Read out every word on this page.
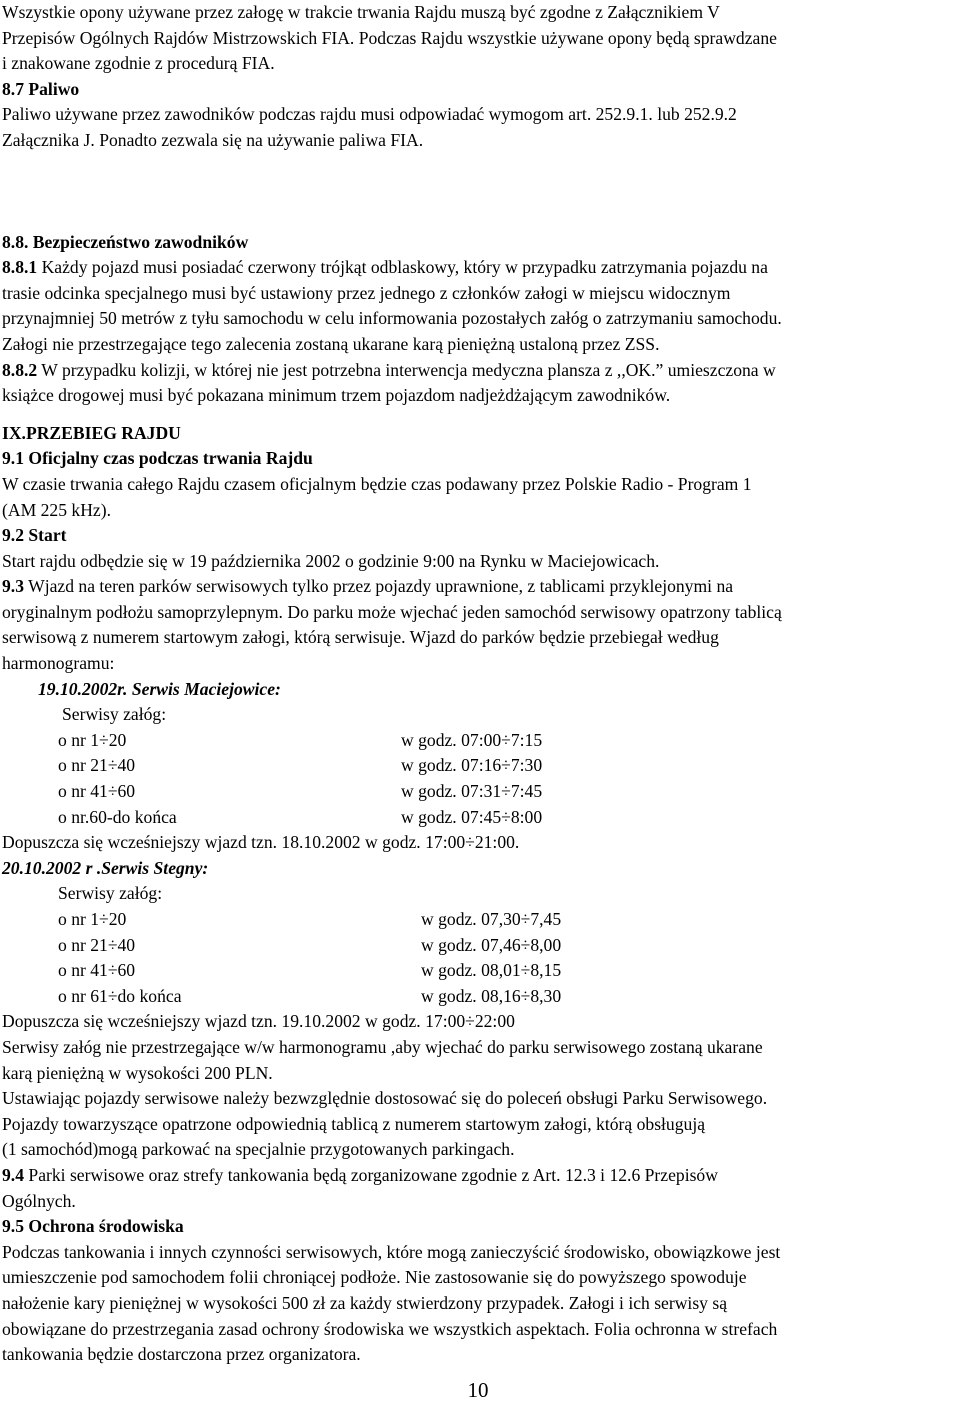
Wszystkie opony używane przez załogę w trakcie trwania Rajdu muszą być zgodne z Załącznikiem V

Przepisów Ogólnych Rajdów Mistrzowskich FIA. Podczas Rajdu wszystkie używane opony będą sprawdzane

i znakowane zgodnie z procedurą FIA.

8.7 Paliwo

Paliwo używane przez zawodników podczas rajdu musi odpowiadać wymogom art. 252.9.1. lub 252.9.2

Załącznika J. Ponadto zezwala się na używanie paliwa FIA.

8.8. Bezpieczeństwo zawodników

8.8.1 Każdy pojazd musi posiadać czerwony trójkąt odblaskowy, który w przypadku zatrzymania pojazdu na

trasie odcinka specjalnego musi być ustawiony przez jednego z członków załogi w miejscu widocznym

przynajmniej 50 metrów z tyłu samochodu w celu informowania pozostałych załóg o zatrzymaniu samochodu.

Załogi nie przestrzegające tego zalecenia zostaną ukarane karą pieniężną ustaloną przez ZSS.

8.8.2 W przypadku kolizji, w której nie jest potrzebna interwencja medyczna plansza z ,,OK.” umieszczona w

książce drogowej musi być pokazana minimum trzem pojazdom nadjeżdżającym zawodników.

IX.PRZEBIEG RAJDU

9.1 Oficjalny czas podczas trwania Rajdu

W czasie trwania całego Rajdu czasem oficjalnym będzie czas podawany przez Polskie Radio - Program 1

(AM 225 kHz).

9.2 Start

Start rajdu odbędzie się w 19 października 2002 o godzinie 9:00 na Rynku w Maciejowicach.

9.3 Wjazd na teren parków serwisowych tylko przez pojazdy uprawnione, z tablicami przyklejonymi na

oryginalnym podłożu samoprzylepnym. Do parku może wjechać jeden samochód serwisowy opatrzony tablicą

serwisową z numerem startowym załogi, którą serwisuje. Wjazd do parków będzie przebiegał według

harmonogramu:

19.10.2002r. Serwis Maciejowice:

Serwisy załóg:

o nr 1÷20	w godz. 07:00÷7:15
o nr 21÷40	w godz. 07:16÷7:30
o nr 41÷60	w godz. 07:31÷7:45
o nr.60-do końca	w godz. 07:45÷8:00

Dopuszcza się wcześniejszy wjazd tzn. 18.10.2002 w godz. 17:00÷21:00.

20.10.2002 r .Serwis Stegny:

Serwisy załóg:

o nr 1÷20	w godz. 07,30÷7,45
o nr 21÷40	w godz. 07,46÷8,00
o nr 41÷60	w godz. 08,01÷8,15
o nr 61÷do końca	w godz. 08,16÷8,30

Dopuszcza się wcześniejszy wjazd tzn. 19.10.2002 w godz. 17:00÷22:00

Serwisy załóg nie przestrzegające w/w harmonogramu ,aby wjechać do parku serwisowego zostaną ukarane

karą pieniężną w wysokości 200 PLN.

Ustawiając pojazdy serwisowe należy bezwzględnie dostosować się do poleceń obsługi Parku Serwisowego.

Pojazdy towarzyszące opatrzone odpowiednią tablicą z numerem startowym załogi, którą obsługują

(1 samochód)mogą parkować na specjalnie przygotowanych parkingach.

9.4 Parki serwisowe oraz strefy tankowania będą zorganizowane zgodnie z Art. 12.3 i 12.6 Przepisów

Ogólnych.

9.5 Ochrona środowiska

Podczas tankowania i innych czynności serwisowych, które mogą zanieczyścić środowisko, obowiązkowe jest

umieszczenie pod samochodem folii chroniącej podłoże. Nie zastosowanie się do powyższego spowoduje

nałożenie kary pieniężnej w wysokości 500 zł za każdy stwierdzony przypadek. Załogi i ich serwisy są

obowiązane do przestrzegania zasad ochrony środowiska we wszystkich aspektach. Folia ochronna w strefach

tankowania będzie dostarczona przez organizatora.

10
